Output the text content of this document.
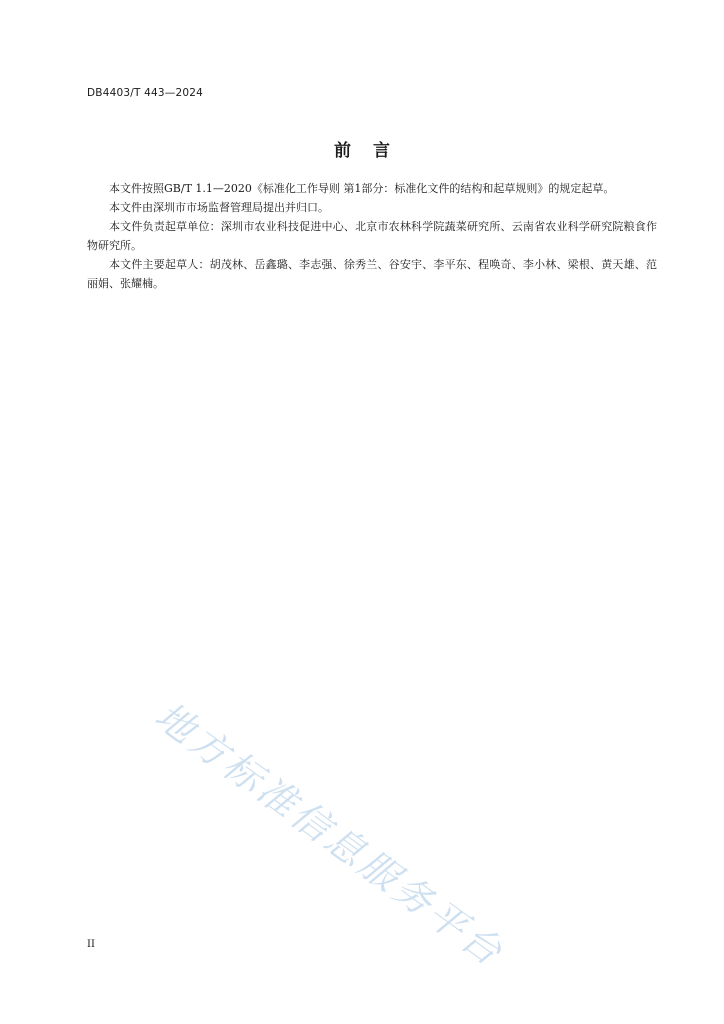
DB4403/T 443—2024
前言

本文件按照GB/T 1.1—2020《标准化工作导则 第1部分：标准化文件的结构和起草规则》的规定起草。

本文件由深圳市市场监督管理局提出并归口。

本文件负责起草单位：深圳市农业科技促进中心、北京市农林科学院蔬菜研究所、云南省农业科学研究院粮食作物研究所。

本文件主要起草人：胡茂林、岳鑫璐、李志强、徐秀兰、谷安宇、李平东、程唤奇、李小林、梁根、黄天雄、范丽娟、张耀楠。

地方标准信息服务平台
II
